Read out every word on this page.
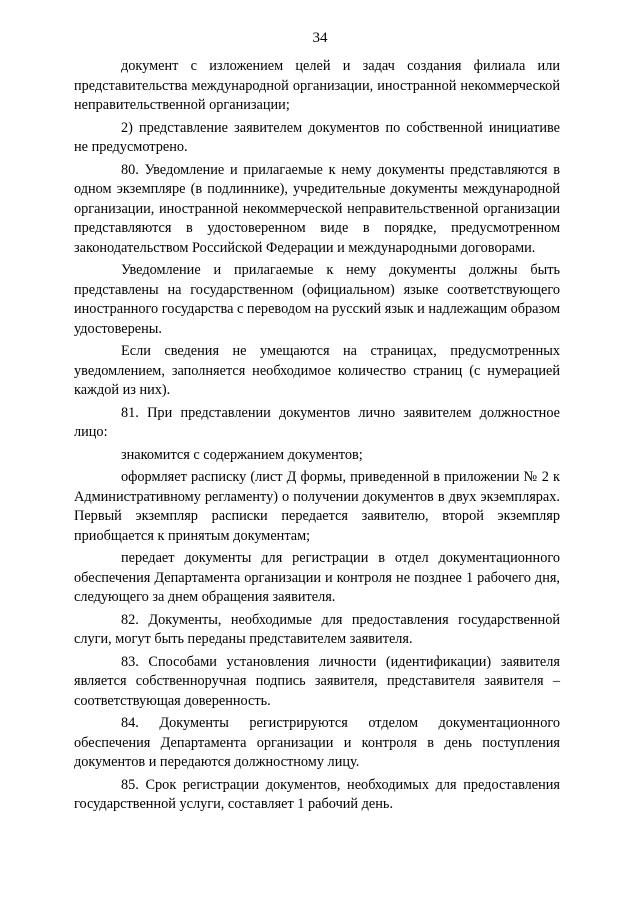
34

документ с изложением целей и задач создания филиала или представительства международной организации, иностранной некоммерческой неправительственной организации;

2) представление заявителем документов по собственной инициативе не предусмотрено.

80. Уведомление и прилагаемые к нему документы представляются в одном экземпляре (в подлиннике), учредительные документы международной организации, иностранной некоммерческой неправительственной организации представляются в удостоверенном виде в порядке, предусмотренном законодательством Российской Федерации и международными договорами.

Уведомление и прилагаемые к нему документы должны быть представлены на государственном (официальном) языке соответствующего иностранного государства с переводом на русский язык и надлежащим образом удостоверены.

Если сведения не умещаются на страницах, предусмотренных уведомлением, заполняется необходимое количество страниц (с нумерацией каждой из них).

81. При представлении документов лично заявителем должностное лицо:

знакомится с содержанием документов;

оформляет расписку (лист Д формы, приведенной в приложении № 2 к Административному регламенту) о получении документов в двух экземплярах. Первый экземпляр расписки передается заявителю, второй экземпляр приобщается к принятым документам;

передает документы для регистрации в отдел документационного обеспечения Департамента организации и контроля не позднее 1 рабочего дня, следующего за днем обращения заявителя.

82. Документы, необходимые для предоставления государственной слуги, могут быть переданы представителем заявителя.

83. Способами установления личности (идентификации) заявителя является собственноручная подпись заявителя, представителя заявителя – соответствующая доверенность.

84. Документы регистрируются отделом документационного обеспечения Департамента организации и контроля в день поступления документов и передаются должностному лицу.

85. Срок регистрации документов, необходимых для предоставления государственной услуги, составляет 1 рабочий день.
